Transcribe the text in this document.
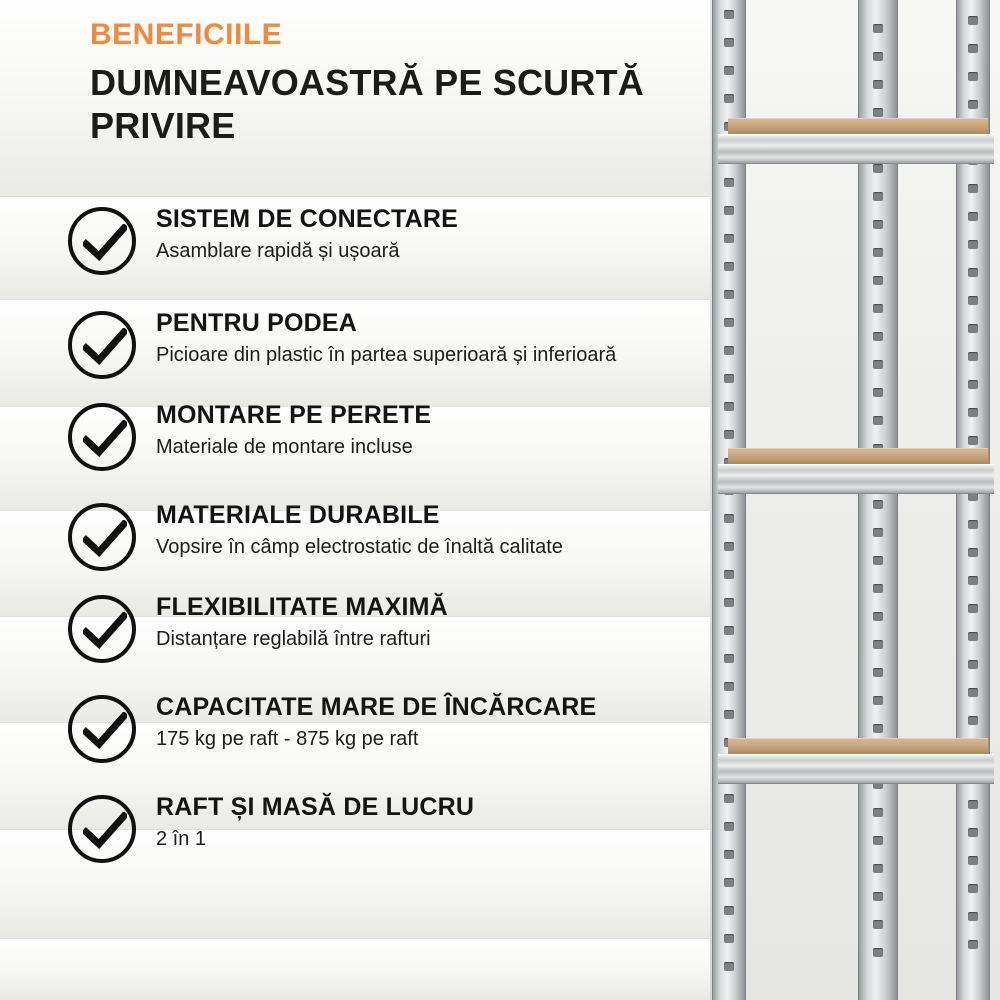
BENEFICIILE
DUMNEAVOASTRĂ PE SCURTĂ PRIVIRE
SISTEM DE CONECTARE
Asamblare rapidă și ușoară
PENTRU PODEA
Picioare din plastic în partea superioară și inferioară
MONTARE PE PERETE
Materiale de montare incluse
MATERIALE DURABILE
Vopsire în câmp electrostatic de înaltă calitate
FLEXIBILITATE MAXIMĂ
Distanțare reglabilă între rafturi
CAPACITATE MARE DE ÎNCĂRCARE
175 kg pe raft - 875 kg pe raft
RAFT ȘI MASĂ DE LUCRU
2 în 1
